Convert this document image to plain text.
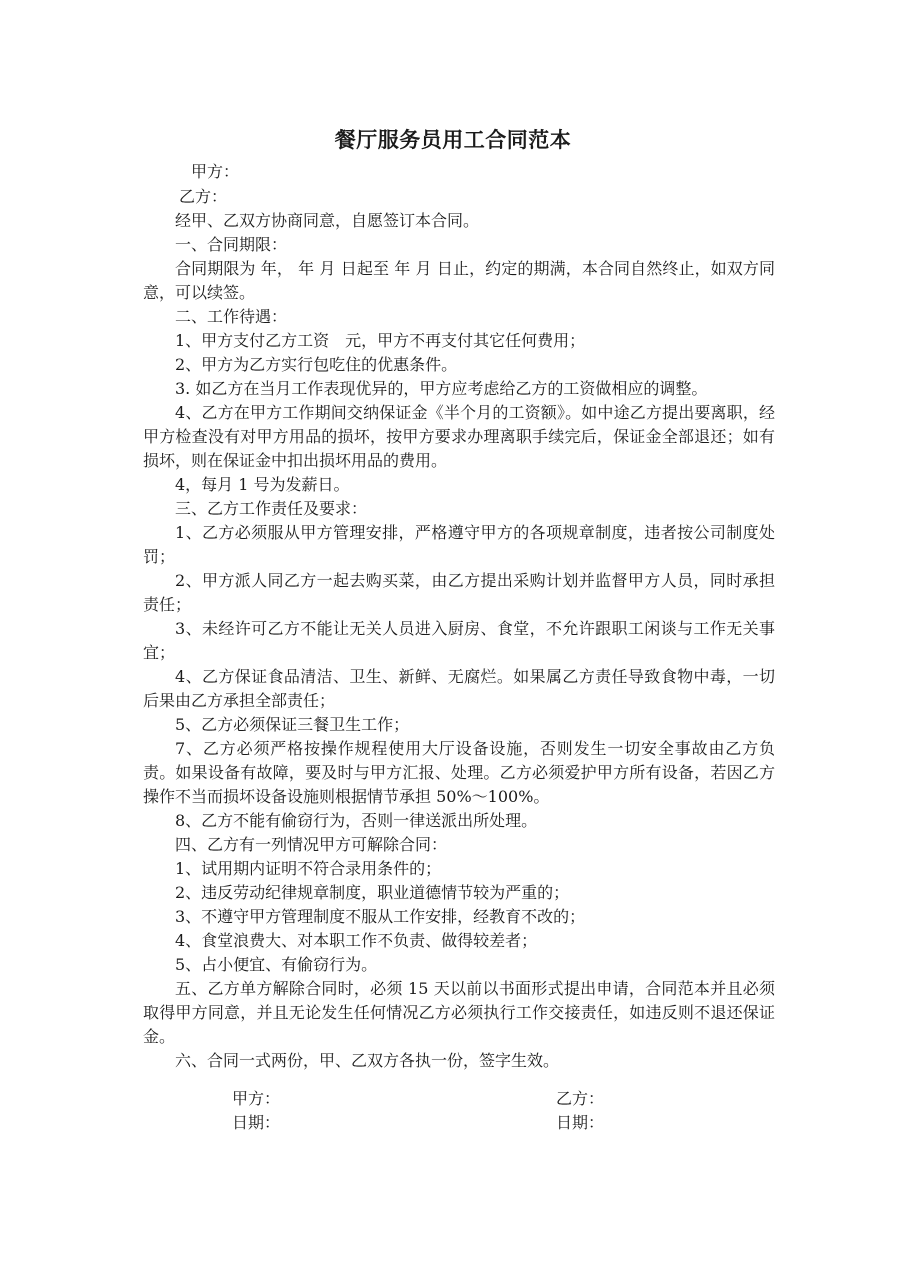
餐厅服务员用工合同范本

甲方：

乙方：

经甲、乙双方协商同意，自愿签订本合同。

一、合同期限：

合同期限为 年， 年 月 日起至 年 月 日止，约定的期满，本合同自然终止，如双方同意，可以续签。

二、工作待遇：

1、甲方支付乙方工资　元，甲方不再支付其它任何费用；

2、甲方为乙方实行包吃住的优惠条件。

3. 如乙方在当月工作表现优异的，甲方应考虑给乙方的工资做相应的调整。

4、乙方在甲方工作期间交纳保证金《半个月的工资额》。如中途乙方提出要离职，经甲方检查没有对甲方用品的损坏，按甲方要求办理离职手续完后，保证金全部退还；如有损坏，则在保证金中扣出损坏用品的费用。

4，每月 1 号为发薪日。

三、乙方工作责任及要求：

1、乙方必须服从甲方管理安排，严格遵守甲方的各项规章制度，违者按公司制度处罚；

2、甲方派人同乙方一起去购买菜，由乙方提出采购计划并监督甲方人员，同时承担责任；

3、未经许可乙方不能让无关人员进入厨房、食堂，不允许跟职工闲谈与工作无关事宜；

4、乙方保证食品清洁、卫生、新鲜、无腐烂。如果属乙方责任导致食物中毒，一切后果由乙方承担全部责任；

5、乙方必须保证三餐卫生工作；

7、乙方必须严格按操作规程使用大厅设备设施，否则发生一切安全事故由乙方负责。如果设备有故障，要及时与甲方汇报、处理。乙方必须爱护甲方所有设备，若因乙方操作不当而损坏设备设施则根据情节承担 50%～100%。

8、乙方不能有偷窃行为，否则一律送派出所处理。

四、乙方有一列情况甲方可解除合同：

1、试用期内证明不符合录用条件的；

2、违反劳动纪律规章制度，职业道德情节较为严重的；

3、不遵守甲方管理制度不服从工作安排，经教育不改的；

4、食堂浪费大、对本职工作不负责、做得较差者；

5、占小便宜、有偷窃行为。

五、乙方单方解除合同时，必须 15 天以前以书面形式提出申请，合同范本并且必须取得甲方同意，并且无论发生任何情况乙方必须执行工作交接责任，如违反则不退还保证金。

六、合同一式两份，甲、乙双方各执一份，签字生效。

甲方：	乙方：

日期：	日期：
